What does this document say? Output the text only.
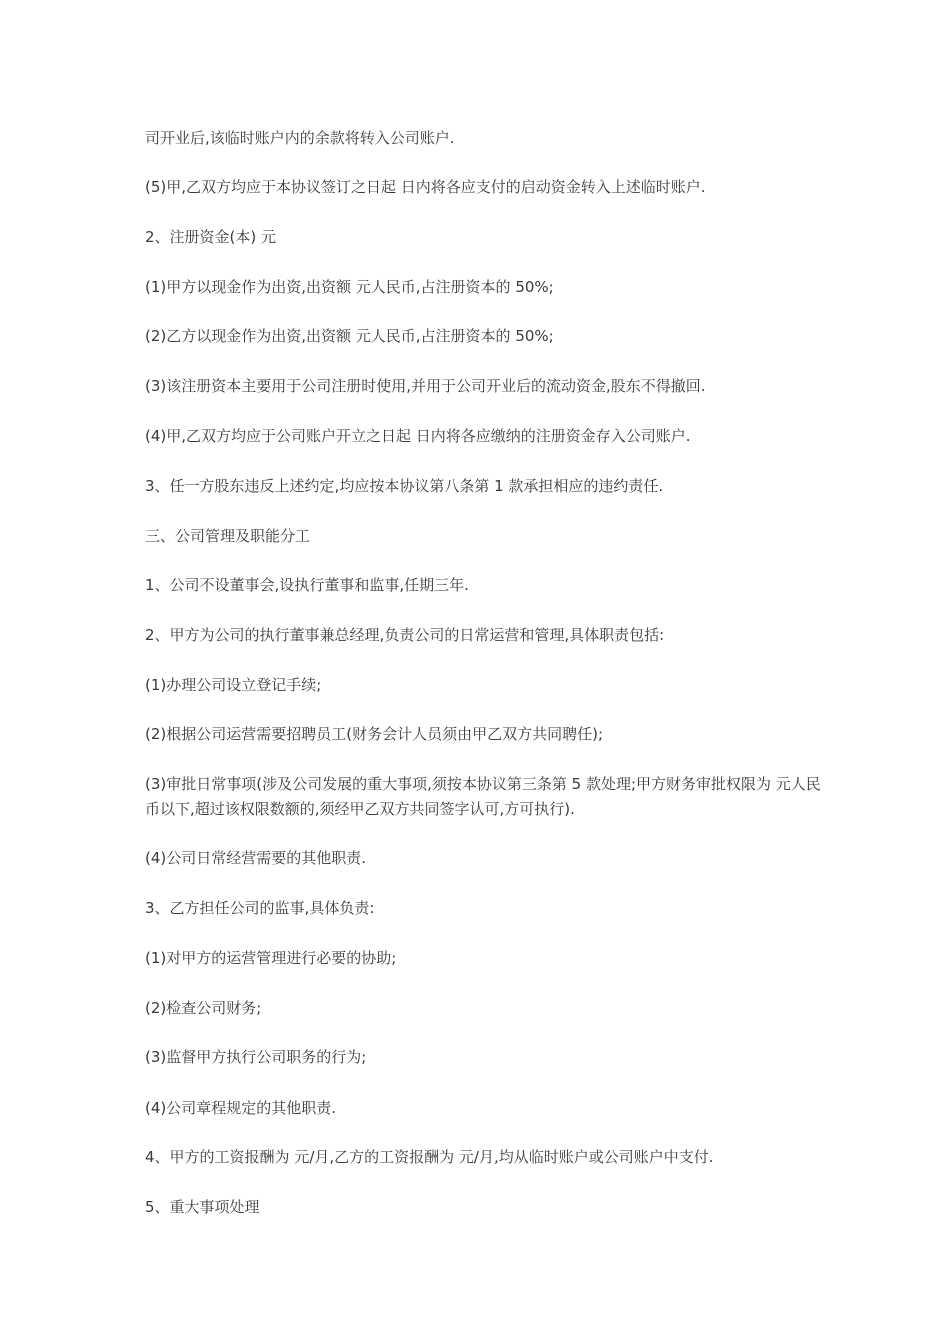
司开业后,该临时账户内的余款将转入公司账户.

(5)甲,乙双方均应于本协议签订之日起 日内将各应支付的启动资金转入上述临时账户.

2、注册资金(本) 元

(1)甲方以现金作为出资,出资额 元人民币,占注册资本的 50%;

(2)乙方以现金作为出资,出资额 元人民币,占注册资本的 50%;

(3)该注册资本主要用于公司注册时使用,并用于公司开业后的流动资金,股东不得撤回.

(4)甲,乙双方均应于公司账户开立之日起 日内将各应缴纳的注册资金存入公司账户.

3、任一方股东违反上述约定,均应按本协议第八条第 1 款承担相应的违约责任.

三、公司管理及职能分工

1、公司不设董事会,设执行董事和监事,任期三年.

2、甲方为公司的执行董事兼总经理,负责公司的日常运营和管理,具体职责包括:

(1)办理公司设立登记手续;

(2)根据公司运营需要招聘员工(财务会计人员须由甲乙双方共同聘任);

(3)审批日常事项(涉及公司发展的重大事项,须按本协议第三条第 5 款处理;甲方财务审批权限为 元人民币以下,超过该权限数额的,须经甲乙双方共同签字认可,方可执行).

(4)公司日常经营需要的其他职责.

3、乙方担任公司的监事,具体负责:

(1)对甲方的运营管理进行必要的协助;

(2)检查公司财务;

(3)监督甲方执行公司职务的行为;

(4)公司章程规定的其他职责.

4、甲方的工资报酬为 元/月,乙方的工资报酬为 元/月,均从临时账户或公司账户中支付.

5、重大事项处理
